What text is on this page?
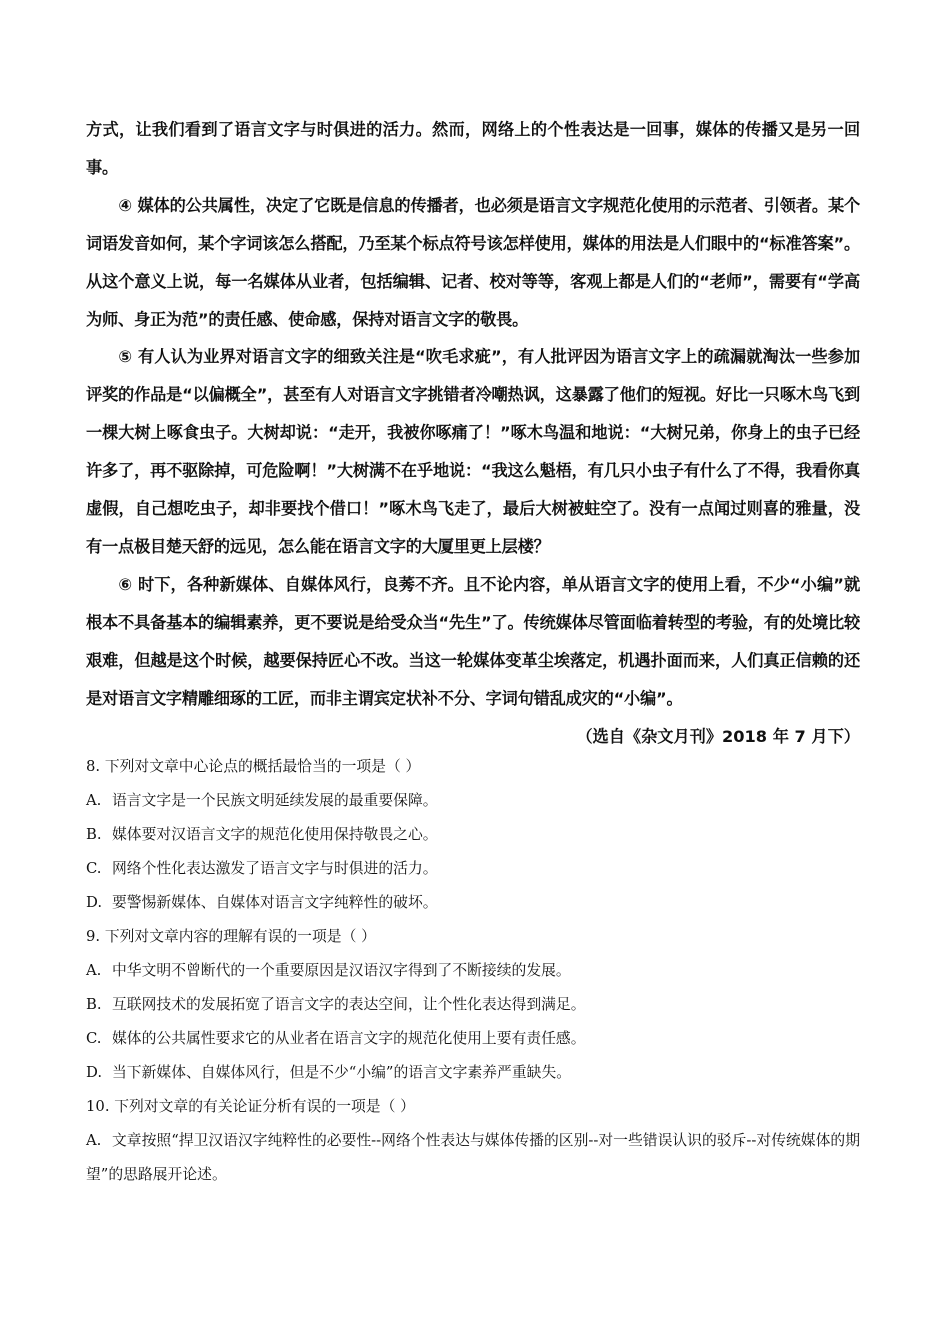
方式，让我们看到了语言文字与时俱进的活力。然而，网络上的个性表达是一回事，媒体的传播又是另一回事。

④ 媒体的公共属性，决定了它既是信息的传播者，也必须是语言文字规范化使用的示范者、引领者。某个词语发音如何，某个字词该怎么搭配，乃至某个标点符号该怎样使用，媒体的用法是人们眼中的“标准答案”。从这个意义上说，每一名媒体从业者，包括编辑、记者、校对等等，客观上都是人们的“老师”，需要有“学高为师、身正为范”的责任感、使命感，保持对语言文字的敬畏。

⑤ 有人认为业界对语言文字的细致关注是“吹毛求疵”，有人批评因为语言文字上的疏漏就淘汰一些参加评奖的作品是“以偏概全”，甚至有人对语言文字挑错者冷嘲热讽，这暴露了他们的短视。好比一只啄木鸟飞到一棵大树上啄食虫子。大树却说：“走开，我被你啄痛了！”啄木鸟温和地说：“大树兄弟，你身上的虫子已经许多了，再不驱除掉，可危险啊！”大树满不在乎地说：“我这么魁梧，有几只小虫子有什么了不得，我看你真虚假，自己想吃虫子，却非要找个借口！”啄木鸟飞走了，最后大树被蛀空了。没有一点闻过则喜的雅量，没有一点极目楚天舒的远见，怎么能在语言文字的大厦里更上层楼？

⑥ 时下，各种新媒体、自媒体风行，良莠不齐。且不论内容，单从语言文字的使用上看，不少“小编”就根本不具备基本的编辑素养，更不要说是给受众当“先生”了。传统媒体尽管面临着转型的考验，有的处境比较艰难，但越是这个时候，越要保持匠心不改。当这一轮媒体变革尘埃落定，机遇扑面而来，人们真正信赖的还是对语言文字精雕细琢的工匠，而非主谓宾定状补不分、字词句错乱成灾的“小编”。

（选自《杂文月刊》2018 年 7 月下）

8. 下列对文章中心论点的概括最恰当的一项是（ ）

A. 语言文字是一个民族文明延续发展的最重要保障。

B. 媒体要对汉语言文字的规范化使用保持敬畏之心。

C. 网络个性化表达激发了语言文字与时俱进的活力。

D. 要警惕新媒体、自媒体对语言文字纯粹性的破坏。

9. 下列对文章内容的理解有误的一项是（ ）

A. 中华文明不曾断代的一个重要原因是汉语汉字得到了不断接续的发展。

B. 互联网技术的发展拓宽了语言文字的表达空间，让个性化表达得到满足。

C. 媒体的公共属性要求它的从业者在语言文字的规范化使用上要有责任感。

D. 当下新媒体、自媒体风行，但是不少“小编”的语言文字素养严重缺失。

10. 下列对文章的有关论证分析有误的一项是（ ）

A. 文章按照“捍卫汉语汉字纯粹性的必要性--网络个性表达与媒体传播的区别--对一些错误认识的驳斥--对传统媒体的期望”的思路展开论述。
